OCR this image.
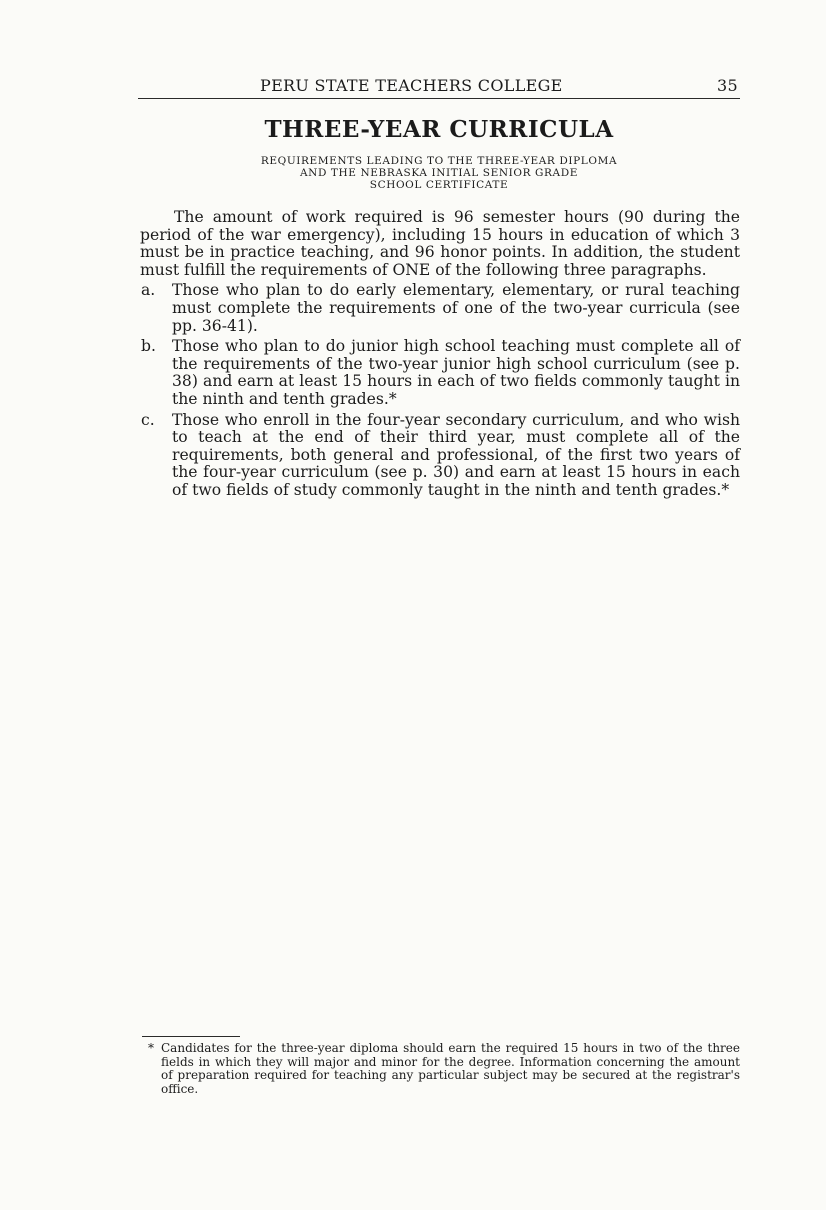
PERU STATE TEACHERS COLLEGE	35
THREE-YEAR CURRICULA
REQUIREMENTS LEADING TO THE THREE-YEAR DIPLOMA
AND THE NEBRASKA INITIAL SENIOR GRADE
SCHOOL CERTIFICATE

The amount of work required is 96 semester hours (90 during the period of the war emergency), including 15 hours in education of which 3 must be in practice teaching, and 96 honor points. In addition, the student must fulfill the requirements of ONE of the following three paragraphs.

a. Those who plan to do early elementary, elementary, or rural teaching must complete the requirements of one of the two-year curricula (see pp. 36-41).
b. Those who plan to do junior high school teaching must complete all of the requirements of the two-year junior high school curriculum (see p. 38) and earn at least 15 hours in each of two fields commonly taught in the ninth and tenth grades.*
c. Those who enroll in the four-year secondary curriculum, and who wish to teach at the end of their third year, must complete all of the requirements, both general and professional, of the first two years of the four-year curriculum (see p. 30) and earn at least 15 hours in each of two fields of study commonly taught in the ninth and tenth grades.*
* Candidates for the three-year diploma should earn the required 15 hours in two of the three fields in which they will major and minor for the degree. Information concerning the amount of preparation required for teaching any particular subject may be secured at the registrar's office.
